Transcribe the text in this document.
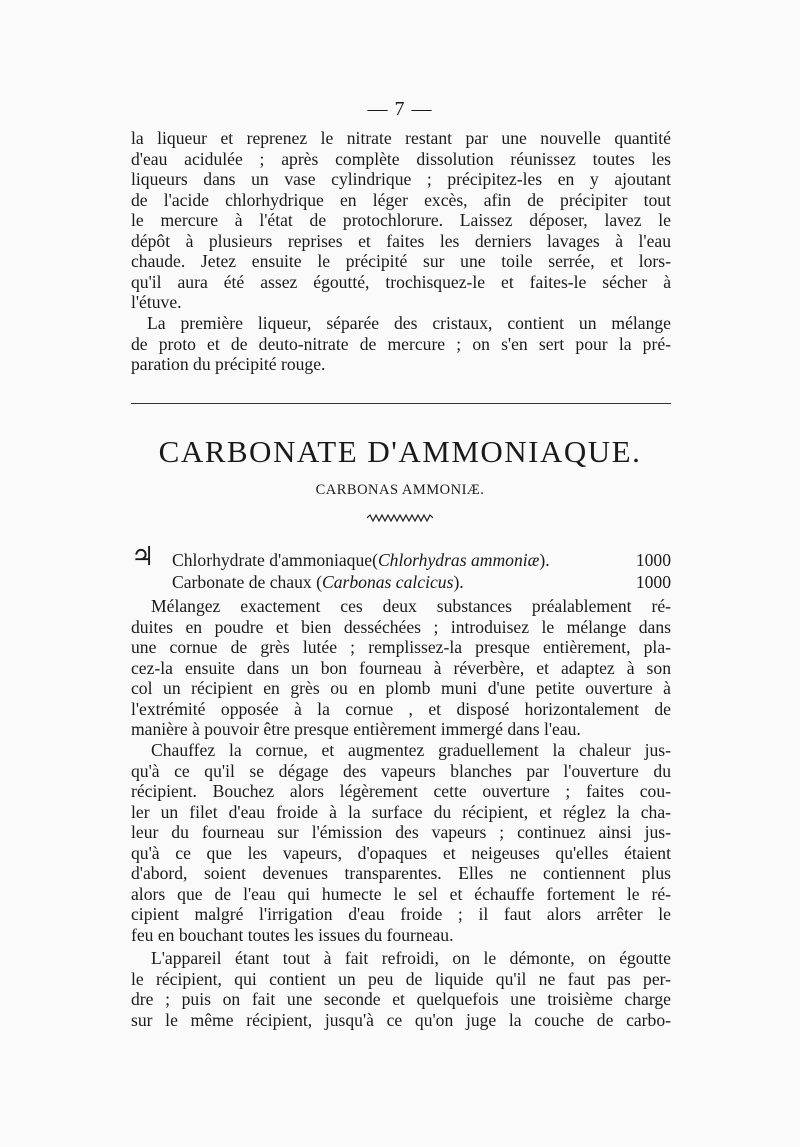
— 7 —

la liqueur et reprenez le nitrate restant par une nouvelle quantité
d'eau acidulée ; après complète dissolution réunissez toutes les
liqueurs dans un vase cylindrique ; précipitez-les en y ajoutant
de l'acide chlorhydrique en léger excès, afin de précipiter tout
le mercure à l'état de protochlorure. Laissez déposer, lavez le
dépôt à plusieurs reprises et faites les derniers lavages à l'eau
chaude. Jetez ensuite le précipité sur une toile serrée, et lors-
qu'il aura été assez égoutté, trochisquez-le et faites-le sécher à
l'étuve.

La première liqueur, séparée des cristaux, contient un mélange
de proto et de deuto-nitrate de mercure ; on s'en sert pour la pré-
paration du précipité rouge.

CARBONATE D'AMMONIAQUE.
CARBONAS AMMONIÆ.
♃ Chlorhydrate d'ammoniaque(Chlorhydras ammoniæ).	1000
Carbonate de chaux (Carbonas calcicus).	1000

Mélangez exactement ces deux substances préalablement ré-
duites en poudre et bien desséchées ; introduisez le mélange dans
une cornue de grès lutée ; remplissez-la presque entièrement, pla-
cez-la ensuite dans un bon fourneau à réverbère, et adaptez à son
col un récipient en grès ou en plomb muni d'une petite ouverture à
l'extrémité opposée à la cornue , et disposé horizontalement de
manière à pouvoir être presque entièrement immergé dans l'eau.

Chauffez la cornue, et augmentez graduellement la chaleur jus-
qu'à ce qu'il se dégage des vapeurs blanches par l'ouverture du
récipient. Bouchez alors légèrement cette ouverture ; faites cou-
ler un filet d'eau froide à la surface du récipient, et réglez la cha-
leur du fourneau sur l'émission des vapeurs ; continuez ainsi jus-
qu'à ce que les vapeurs, d'opaques et neigeuses qu'elles étaient
d'abord, soient devenues transparentes. Elles ne contiennent plus
alors que de l'eau qui humecte le sel et échauffe fortement le ré-
cipient malgré l'irrigation d'eau froide ; il faut alors arrêter le
feu en bouchant toutes les issues du fourneau.

L'appareil étant tout à fait refroidi, on le démonte, on égoutte
le récipient, qui contient un peu de liquide qu'il ne faut pas per-
dre ; puis on fait une seconde et quelquefois une troisième charge
sur le même récipient, jusqu'à ce qu'on juge la couche de carbo-
